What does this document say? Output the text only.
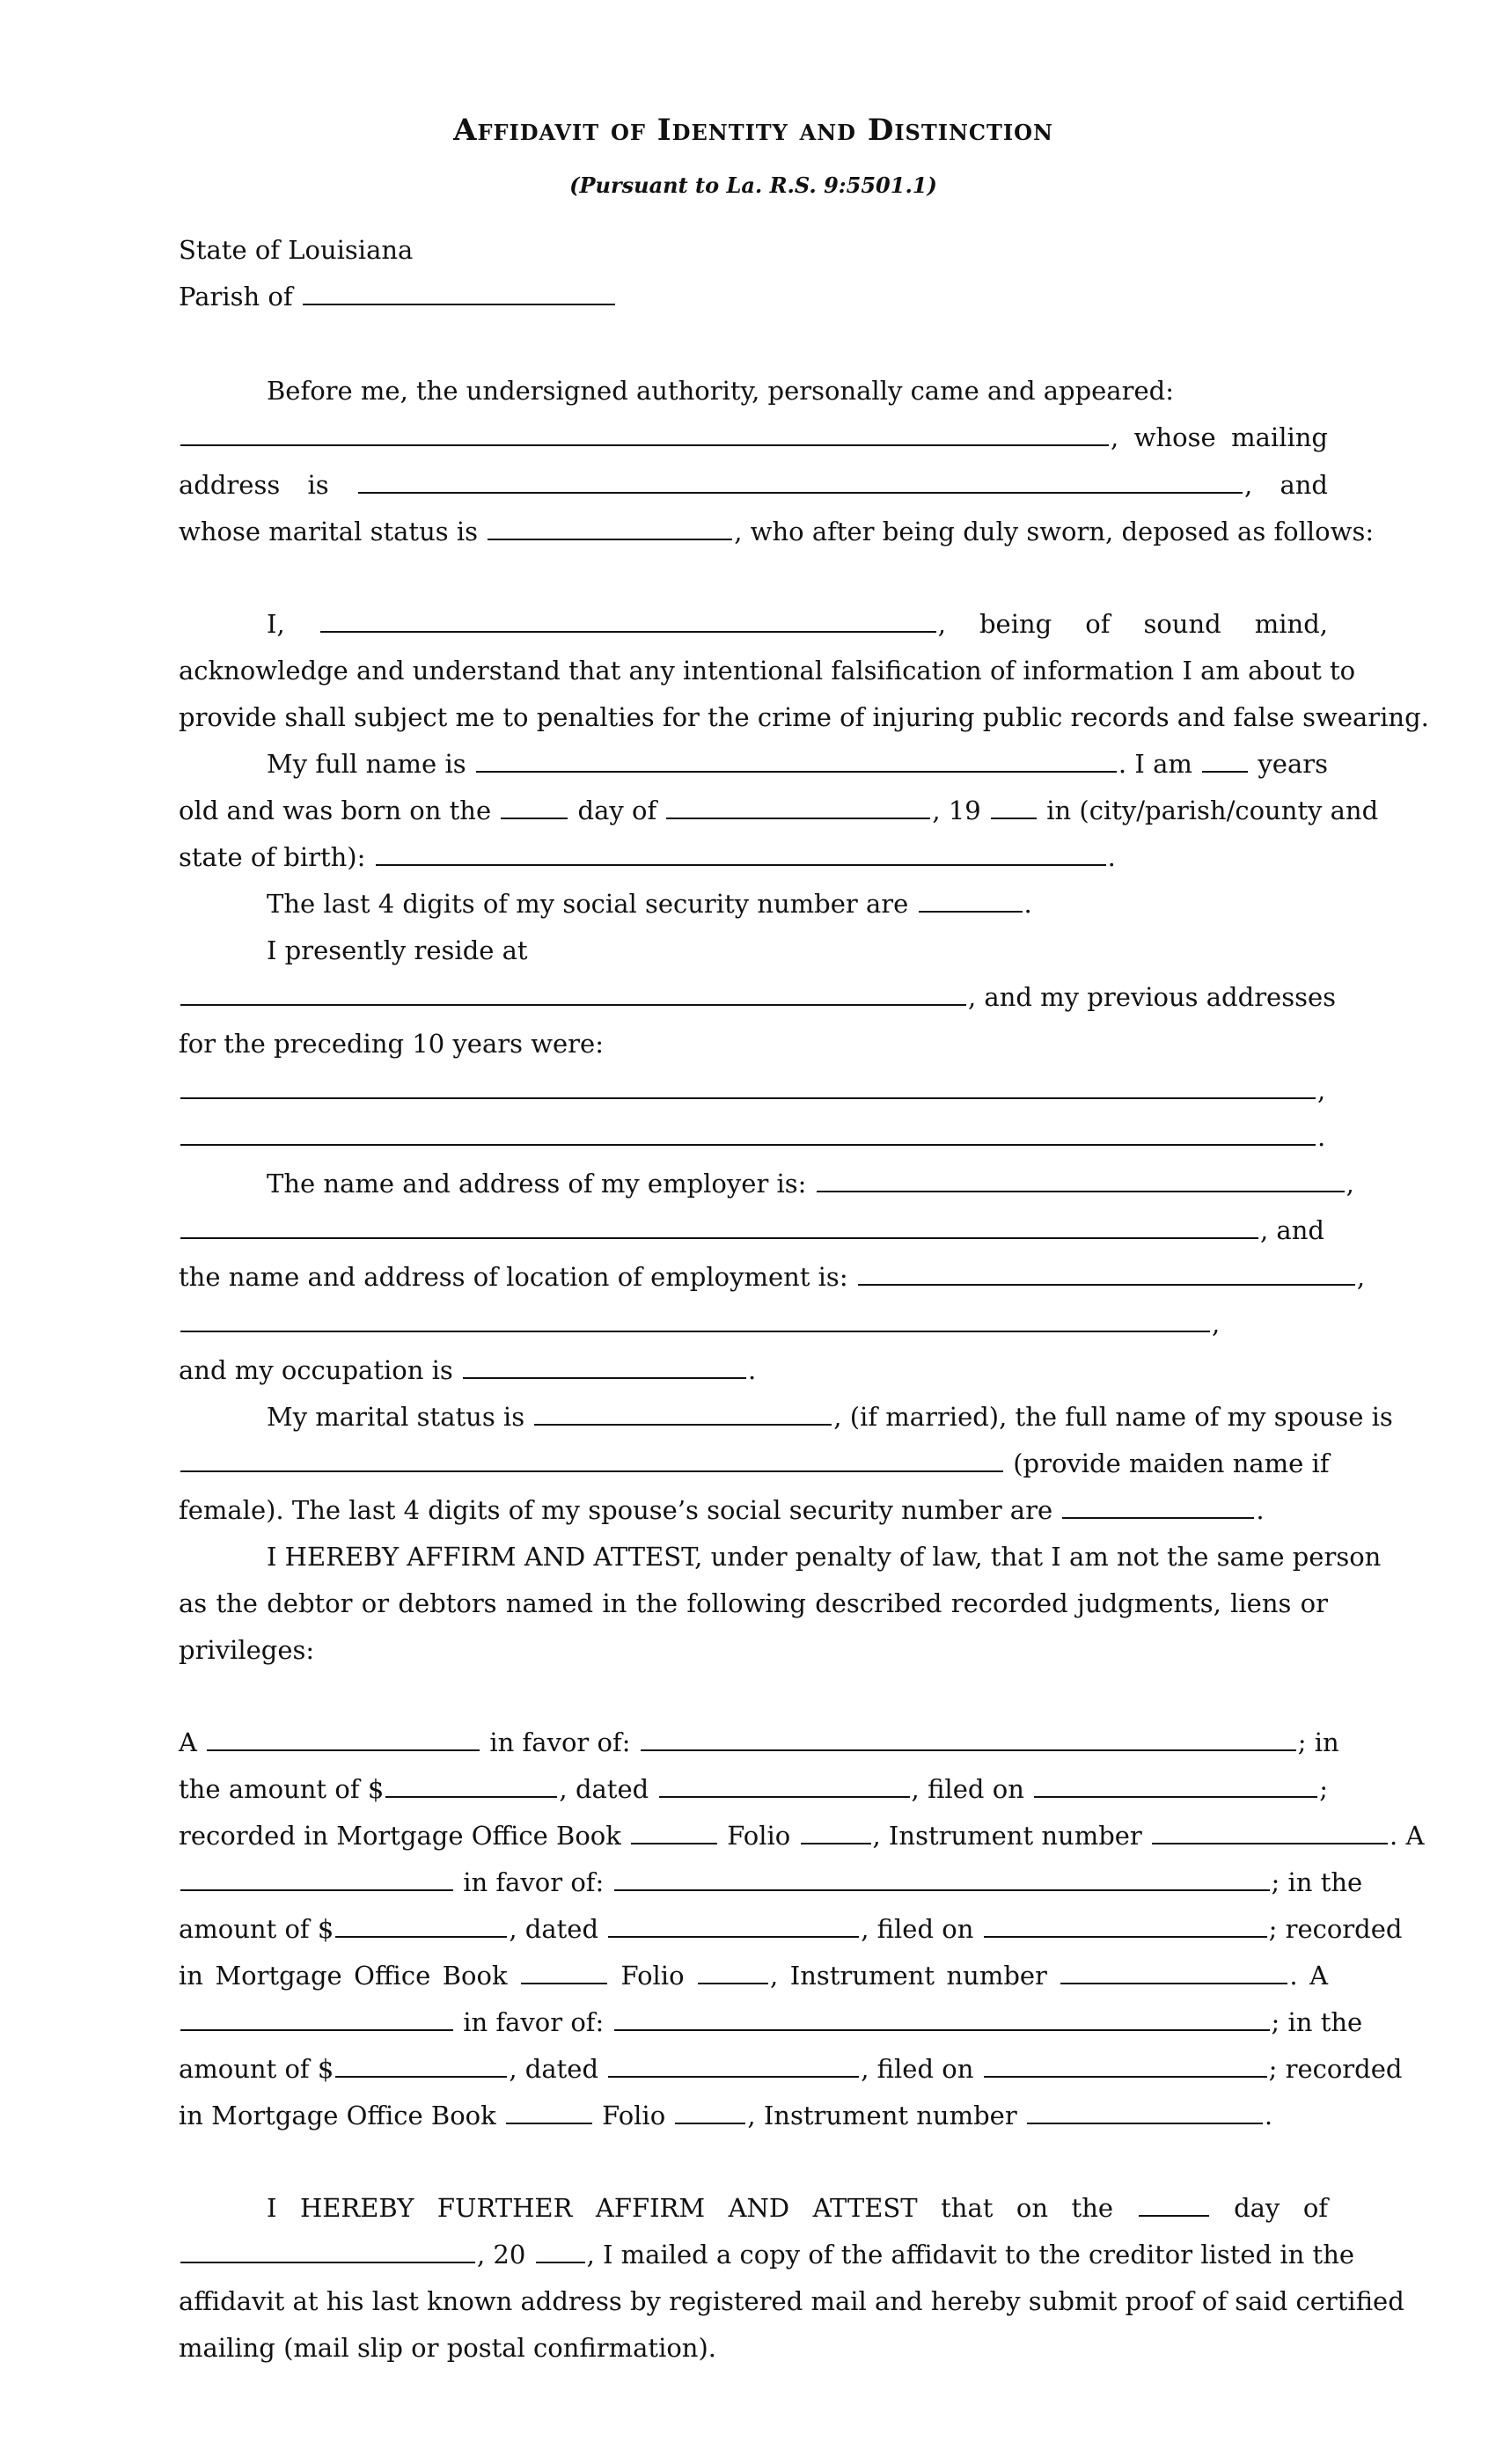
Affidavit of Identity and Distinction
(Pursuant to La. R.S. 9:5501.1)
State of Louisiana
Parish of
Before me, the undersigned authority, personally came and appeared:
, whose mailing
address is	, and
whose marital status is	, who after being duly sworn, deposed as follows:
I,	, being of sound mind,
acknowledge and understand that any intentional falsification of information I am about to
provide shall subject me to penalties for the crime of injuring public records and false swearing.
My full name is	. I am	years
old and was born on the	day of	, 19	in (city/parish/county and
state of birth):	.
The last 4 digits of my social security number are	.
I presently reside at
, and my previous addresses
for the preceding 10 years were:
,
.
The name and address of my employer is:	,
, and
the name and address of location of employment is:	,
,
and my occupation is	.
My marital status is	, (if married), the full name of my spouse is
(provide maiden name if
female). The last 4 digits of my spouse’s social security number are	.
I HEREBY AFFIRM AND ATTEST, under penalty of law, that I am not the same person
as the debtor or debtors named in the following described recorded judgments, liens or
privileges:
A	in favor of:	; in
the amount of $	, dated	, filed on	;
recorded in Mortgage Office Book	Folio	, Instrument number	. A
in favor of:	; in the
amount of $	, dated	, filed on	; recorded
in Mortgage Office Book	Folio	, Instrument number	. A
in favor of:	; in the
amount of $	, dated	, filed on	; recorded
in Mortgage Office Book	Folio	, Instrument number	.
I HEREBY FURTHER AFFIRM AND ATTEST that on the	day of
, 20 , I mailed a copy of the affidavit to the creditor listed in the
affidavit at his last known address by registered mail and hereby submit proof of said certified
mailing (mail slip or postal confirmation).
